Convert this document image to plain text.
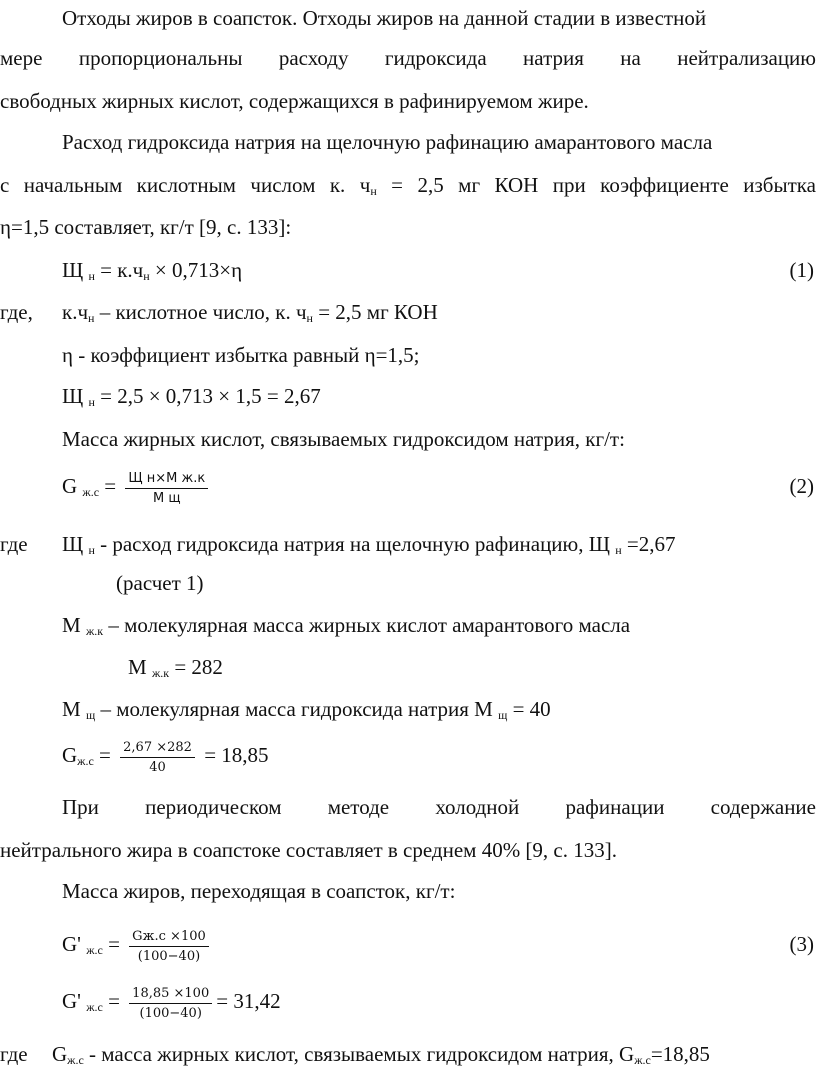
Отходы жиров в соапсток. Отходы жиров на данной стадии в известной
мере пропорциональны расходу гидроксида натрия на нейтрализацию
свободных жирных кислот, содержащихся в рафинируемом жире.
Расход гидроксида натрия на щелочную рафинацию амарантового масла
с начальным кислотным числом к. $ч_н = 2,5$ мг КОН при коэффициенте избытка
η=1,5 составляет, кг/т [9, с. 133]:
Щ $_н = к.ч_н \times 0,713\times\eta$	(1)
где, $к.ч_н$ – кислотное число, к. $ч_н = 2,5$ мг КОН
η - коэффициент избытка равный η=1,5;
Щ $_н$ = 2,5 × 0,713 × 1,5 = 2,67
Масса жирных кислот, связываемых гидроксидом натрия, кг/т:
G $_{ж.с} = \frac{\text{Щ н×М ж.к}}{\text{М щ}}$	(2)
где Щ $_н$ - расход гидроксида натрия на щелочную рафинацию, Щ $_н$ =2,67
(расчет 1)
М $_{ж.к}$ – молекулярная масса жирных кислот амарантового масла
М $_{ж.к}$ = 282
М $_щ$ – молекулярная масса гидроксида натрия М $_щ$ = 40
$G_{ж.с} = \frac{2,67 \times 282}{40} = 18,85$
При периодическом методе холодной рафинации содержание
нейтрального жира в соапстоке составляет в среднем 40% [9, с. 133].
Масса жиров, переходящая в соапсток, кг/т:
G' $_{ж.с} = \frac{Gж.с \times 100}{(100-40)}$	(3)
G' $_{ж.с} = \frac{18,85 \times 100}{(100-40)} = 31,42$
где $G_{ж.с}$ - масса жирных кислот, связываемых гидроксидом натрия, $G_{ж.с}=18,85$
